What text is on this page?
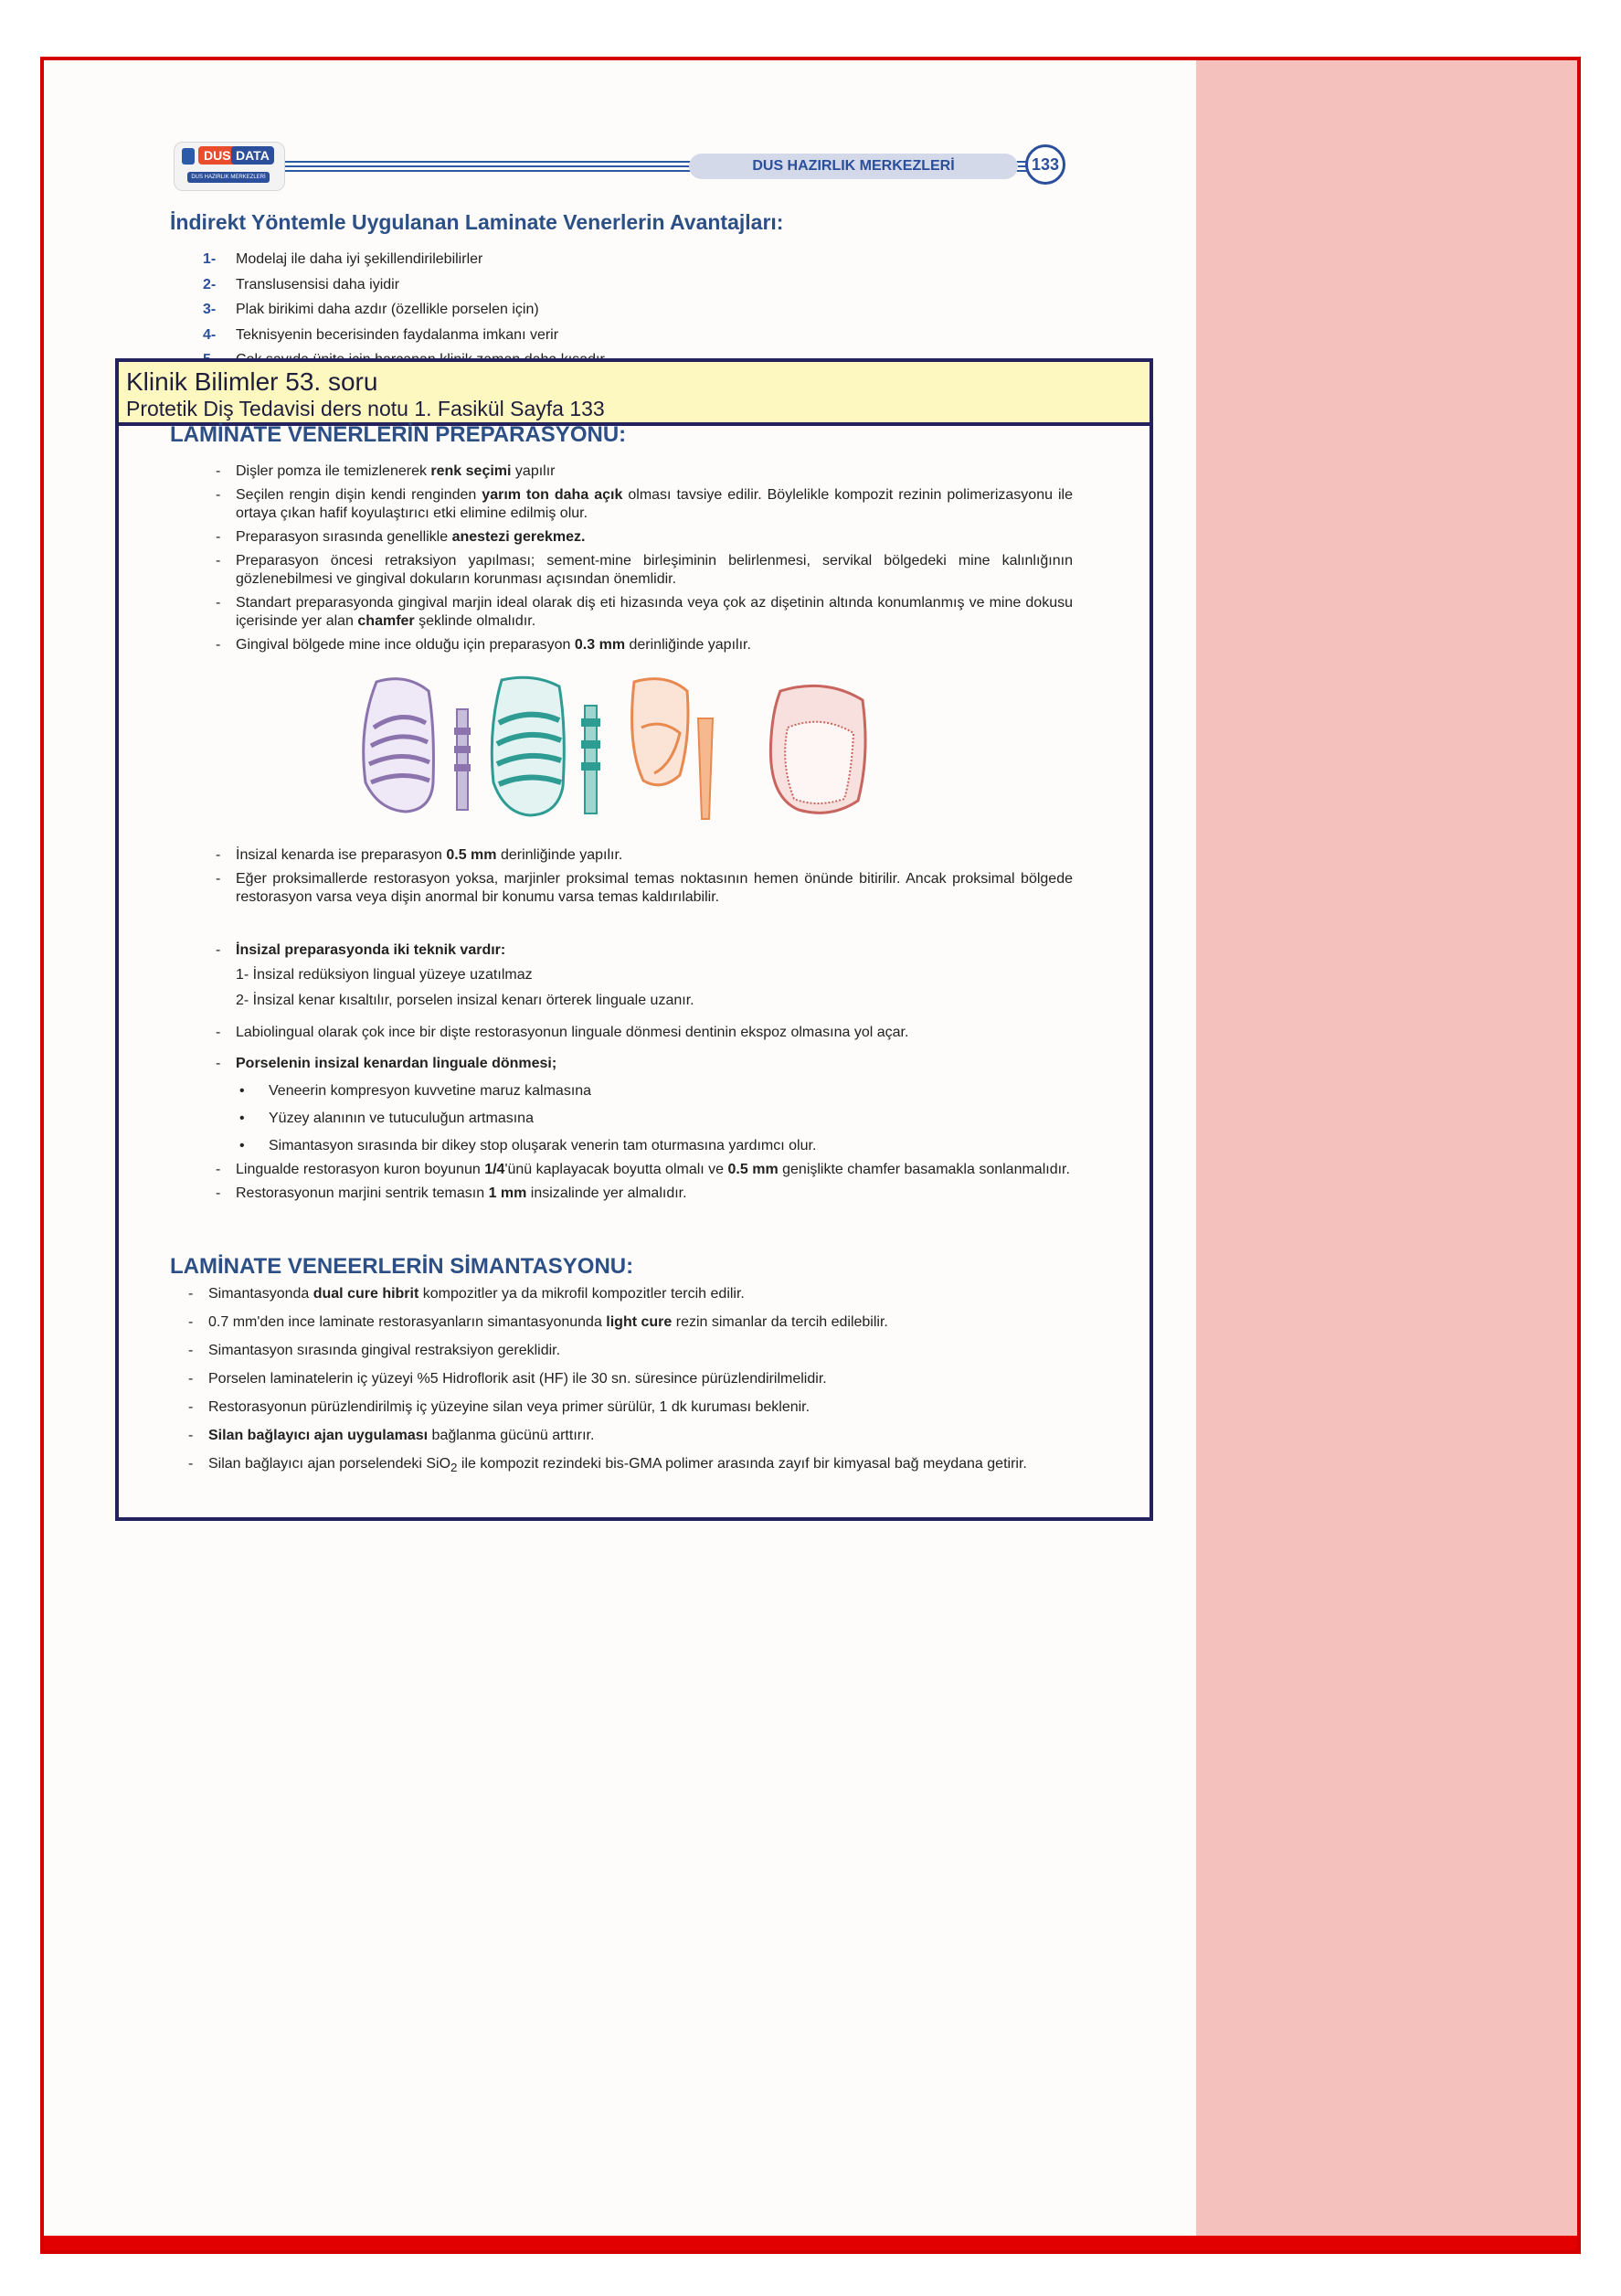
DUS DATA
DUS HAZIRLIK MERKEZLERİ
DUS HAZIRLIK MERKEZLERİ	133
İndirekt Yöntemle Uygulanan Laminate Venerlerin Avantajları:
1- Modelaj ile daha iyi şekillendirilebilirler
2- Translusensisi daha iyidir
3- Plak birikimi daha azdır (özellikle porselen için)
4- Teknisyenin becerisinden faydalanma imkanı verir
Klinik Bilimler 53. soru
Protetik Diş Tedavisi ders notu 1. Fasikül Sayfa 133
LAMİNATE VENERLERİN PREPARASYONU:
- Dişler pomza ile temizlenerek renk seçimi yapılır
- Seçilen rengin dişin kendi renginden yarım ton daha açık olması tavsiye edilir. Böylelikle kompozit rezinin polimerizasyonu ile ortaya çıkan hafif koyulaştırıcı etki elimine edilmiş olur.
- Preparasyon sırasında genellikle anestezi gerekmez.
- Preparasyon öncesi retraksiyon yapılması; sement-mine birleşiminin belirlenmesi, servikal bölgedeki mine kalınlığının gözlenebilmesi ve gingival dokuların korunması açısından önemlidir.
- Standart preparasyonda gingival marjin ideal olarak diş eti hizasında veya çok az dişetinin altında konumlanmış ve mine dokusu içerisinde yer alan chamfer şeklinde olmalıdır.
- Gingival bölgede mine ince olduğu için preparasyon 0.3 mm derinliğinde yapılır.
- İnsizal kenarda ise preparasyon 0.5 mm derinliğinde yapılır.
- Eğer proksimallerde restorasyon yoksa, marjinler proksimal temas noktasının hemen önünde bitirilir. Ancak proksimal bölgede restorasyon varsa veya dişin anormal bir konumu varsa temas kaldırılabilir.
- İnsizal preparasyonda iki teknik vardır:
1- İnsizal redüksiyon lingual yüzeye uzatılmaz
2- İnsizal kenar kısaltılır, porselen insizal kenarı örterek linguale uzanır.
- Labiolingual olarak çok ince bir dişte restorasyonun linguale dönmesi dentinin ekspoz olmasına yol açar.
- Porselenin insizal kenardan linguale dönmesi;
• Veneerin kompresyon kuvvetine maruz kalmasına
• Yüzey alanının ve tutuculuğun artmasına
• Simantasyon sırasında bir dikey stop oluşarak venerin tam oturmasına yardımcı olur.
- Lingualde restorasyon kuron boyunun 1/4'ünü kaplayacak boyutta olmalı ve 0.5 mm genişlikte chamfer basamakla sonlanmalıdır.
- Restorasyonun marjini sentrik temasın 1 mm insizalinde yer almalıdır.
LAMİNATE VENEERLERİN SİMANTASYONU:
- Simantasyonda dual cure hibrit kompozitler ya da mikrofil kompozitler tercih edilir.
- 0.7 mm'den ince laminate restorasyanların simantasyonunda light cure rezin simanlar da tercih edilebilir.
- Simantasyon sırasında gingival restraksiyon gereklidir.
- Porselen laminatelerin iç yüzeyi %5 Hidroflorik asit (HF) ile 30 sn. süresince pürüzlendirilmelidir.
- Restorasyonun pürüzlendirilmiş iç yüzeyine silan veya primer sürülür, 1 dk kuruması beklenir.
- Silan bağlayıcı ajan uygulaması bağlanma gücünü arttırır.
- Silan bağlayıcı ajan porselendeki SiO$_2$ ile kompozit rezindeki bis-GMA polimer arasında zayıf bir kimyasal bağ meydana getirir.
